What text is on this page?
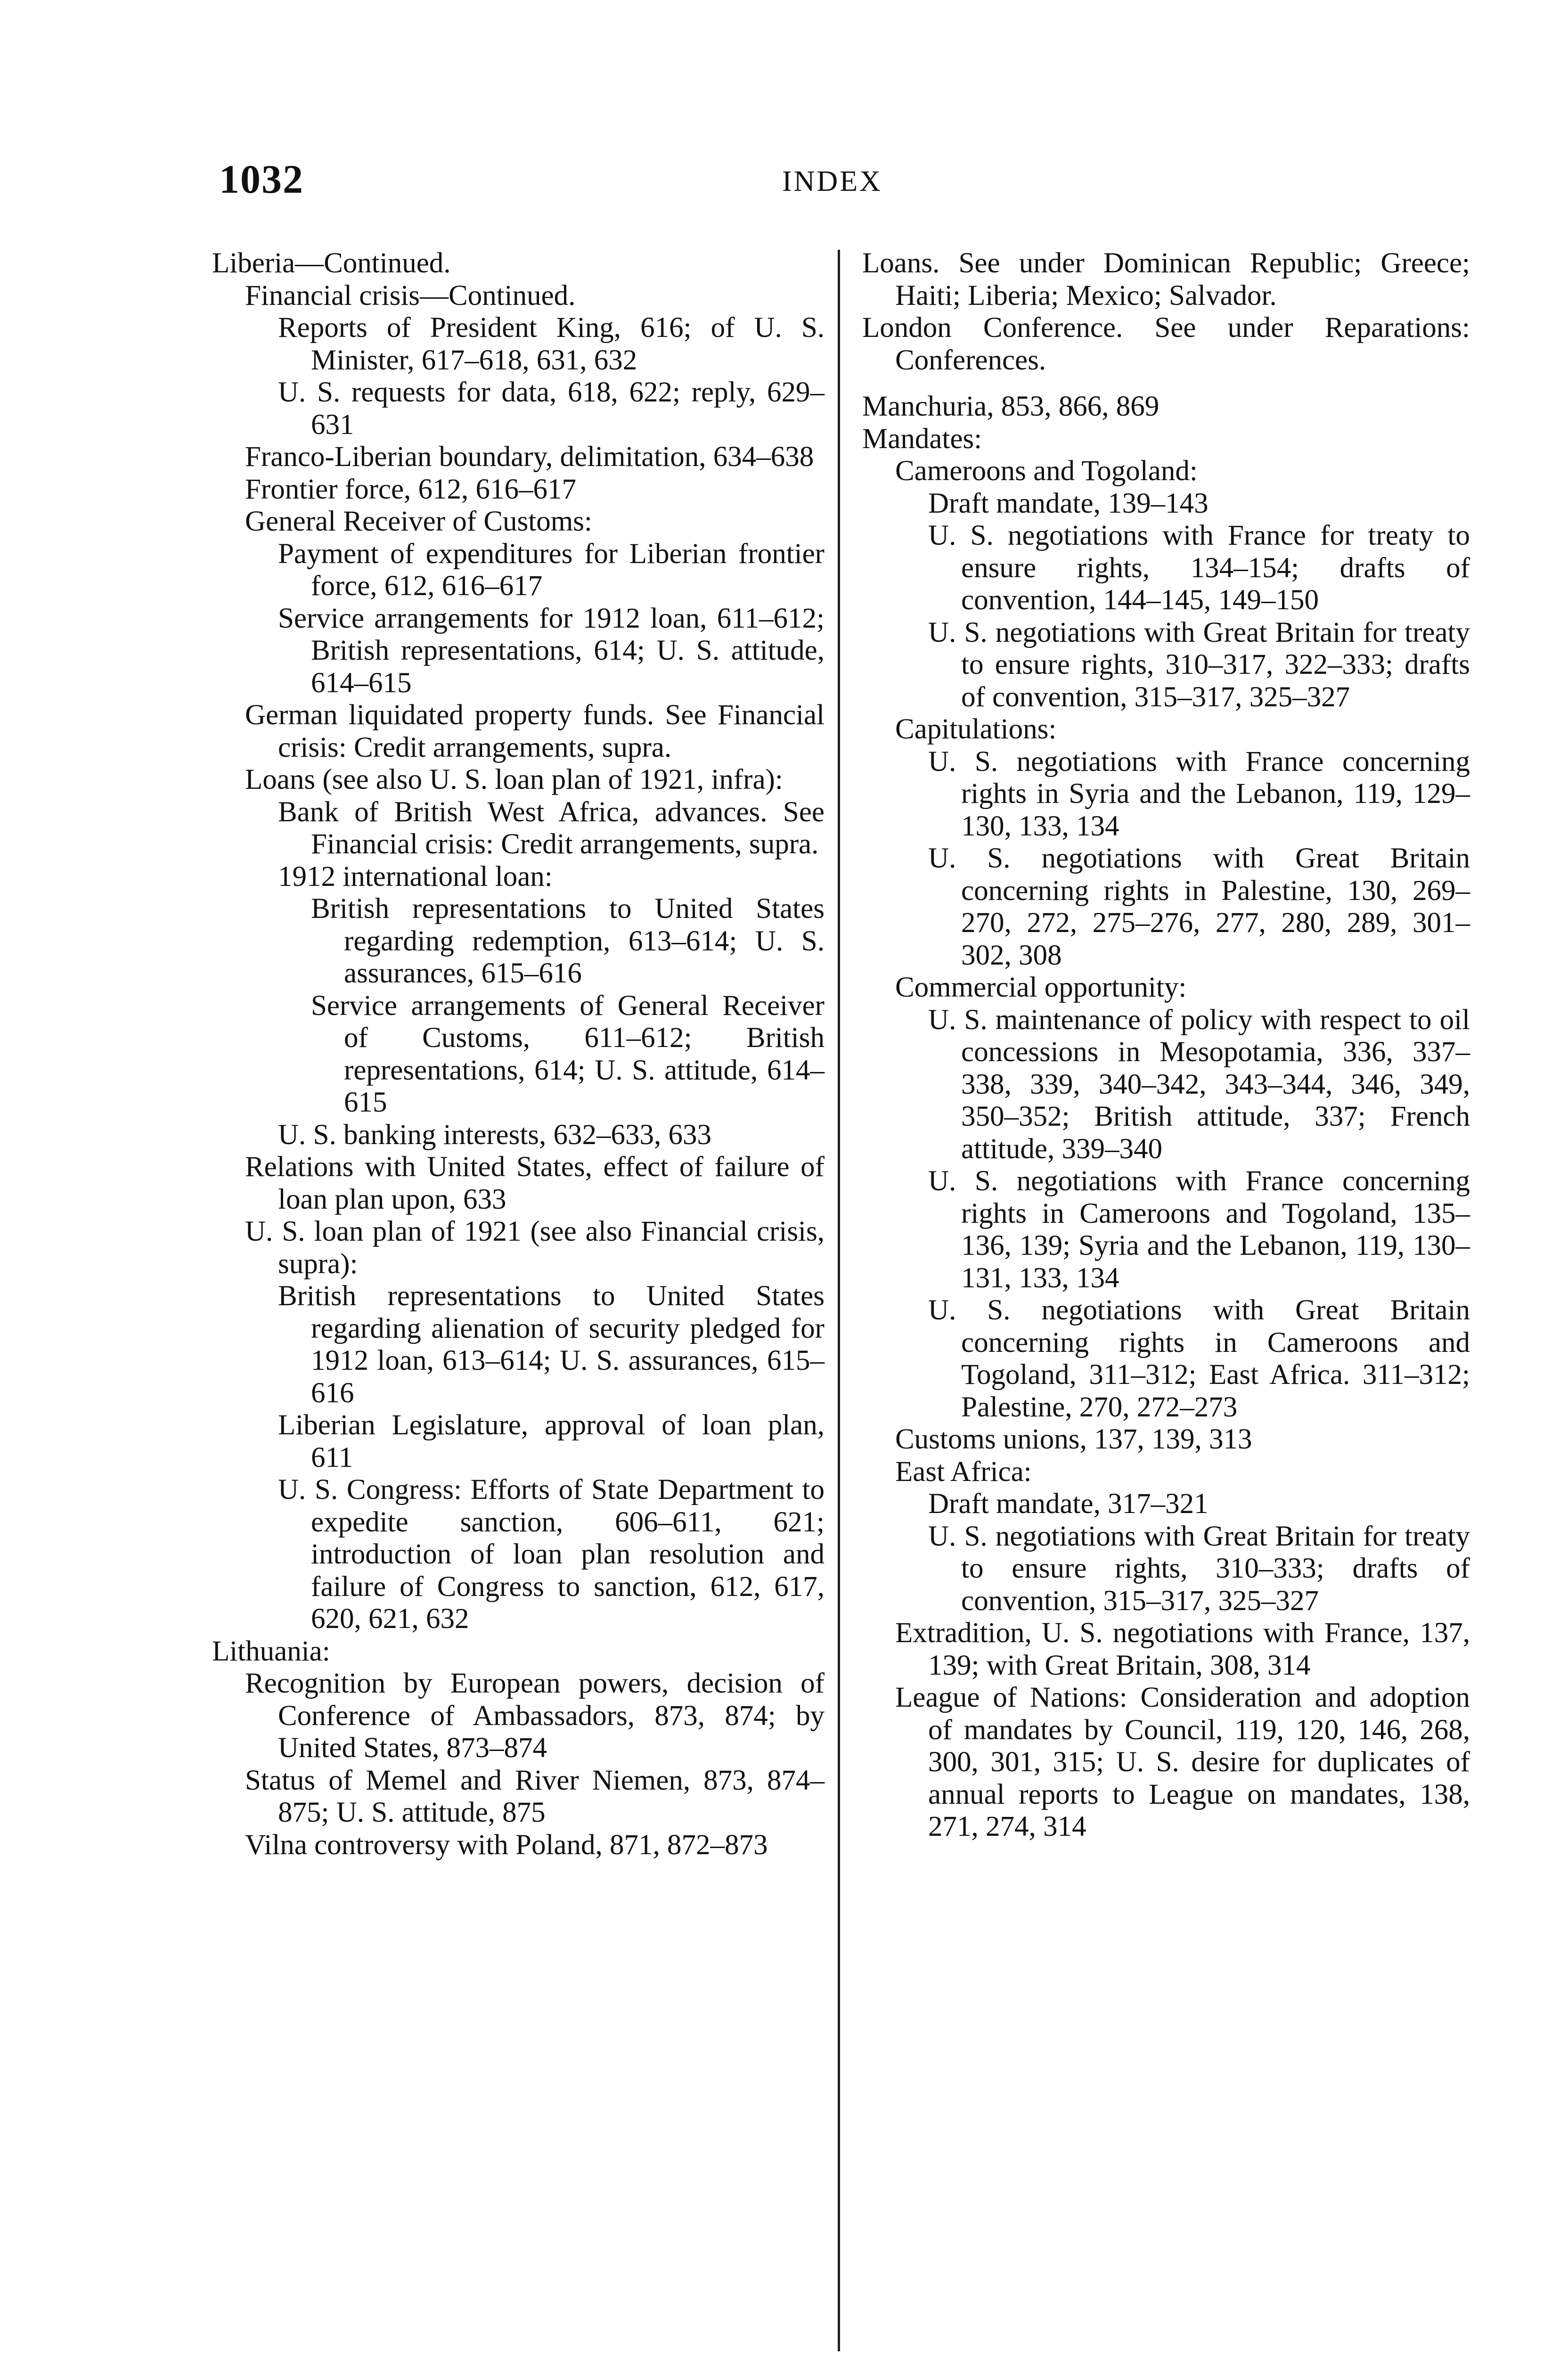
1032	INDEX
Liberia—Continued.
Financial crisis—Continued.
Reports of President King, 616; of U. S. Minister, 617–618, 631, 632
U. S. requests for data, 618, 622; reply, 629–631
Franco-Liberian boundary, delimitation, 634–638
Frontier force, 612, 616–617
General Receiver of Customs:
Payment of expenditures for Liberian frontier force, 612, 616–617
Service arrangements for 1912 loan, 611–612; British representations, 614; U. S. attitude, 614–615
German liquidated property funds. See Financial crisis: Credit arrangements, supra.
Loans (see also U. S. loan plan of 1921, infra):
Bank of British West Africa, advances. See Financial crisis: Credit arrangements, supra.
1912 international loan:
British representations to United States regarding redemption, 613–614; U. S. assurances, 615–616
Service arrangements of General Receiver of Customs, 611–612; British representations, 614; U. S. attitude, 614–615
U. S. banking interests, 632–633, 633
Relations with United States, effect of failure of loan plan upon, 633
U. S. loan plan of 1921 (see also Financial crisis, supra):
British representations to United States regarding alienation of security pledged for 1912 loan, 613–614; U. S. assurances, 615–616
Liberian Legislature, approval of loan plan, 611
U. S. Congress: Efforts of State Department to expedite sanction, 606–611, 621; introduction of loan plan resolution and failure of Congress to sanction, 612, 617, 620, 621, 632
Lithuania:
Recognition by European powers, decision of Conference of Ambassadors, 873, 874; by United States, 873–874
Status of Memel and River Niemen, 873, 874–875; U. S. attitude, 875
Vilna controversy with Poland, 871, 872–873
Loans. See under Dominican Republic; Greece; Haiti; Liberia; Mexico; Salvador.
London Conference. See under Reparations: Conferences.
Manchuria, 853, 866, 869
Mandates:
Cameroons and Togoland:
Draft mandate, 139–143
U. S. negotiations with France for treaty to ensure rights, 134–154; drafts of convention, 144–145, 149–150
U. S. negotiations with Great Britain for treaty to ensure rights, 310–317, 322–333; drafts of convention, 315–317, 325–327
Capitulations:
U. S. negotiations with France concerning rights in Syria and the Lebanon, 119, 129–130, 133, 134
U. S. negotiations with Great Britain concerning rights in Palestine, 130, 269–270, 272, 275–276, 277, 280, 289, 301–302, 308
Commercial opportunity:
U. S. maintenance of policy with respect to oil concessions in Mesopotamia, 336, 337–338, 339, 340–342, 343–344, 346, 349, 350–352; British attitude, 337; French attitude, 339–340
U. S. negotiations with France concerning rights in Cameroons and Togoland, 135–136, 139; Syria and the Lebanon, 119, 130–131, 133, 134
U. S. negotiations with Great Britain concerning rights in Cameroons and Togoland, 311–312; East Africa. 311–312; Palestine, 270, 272–273
Customs unions, 137, 139, 313
East Africa:
Draft mandate, 317–321
U. S. negotiations with Great Britain for treaty to ensure rights, 310–333; drafts of convention, 315–317, 325–327
Extradition, U. S. negotiations with France, 137, 139; with Great Britain, 308, 314
League of Nations: Consideration and adoption of mandates by Council, 119, 120, 146, 268, 300, 301, 315; U. S. desire for duplicates of annual reports to League on mandates, 138, 271, 274, 314
